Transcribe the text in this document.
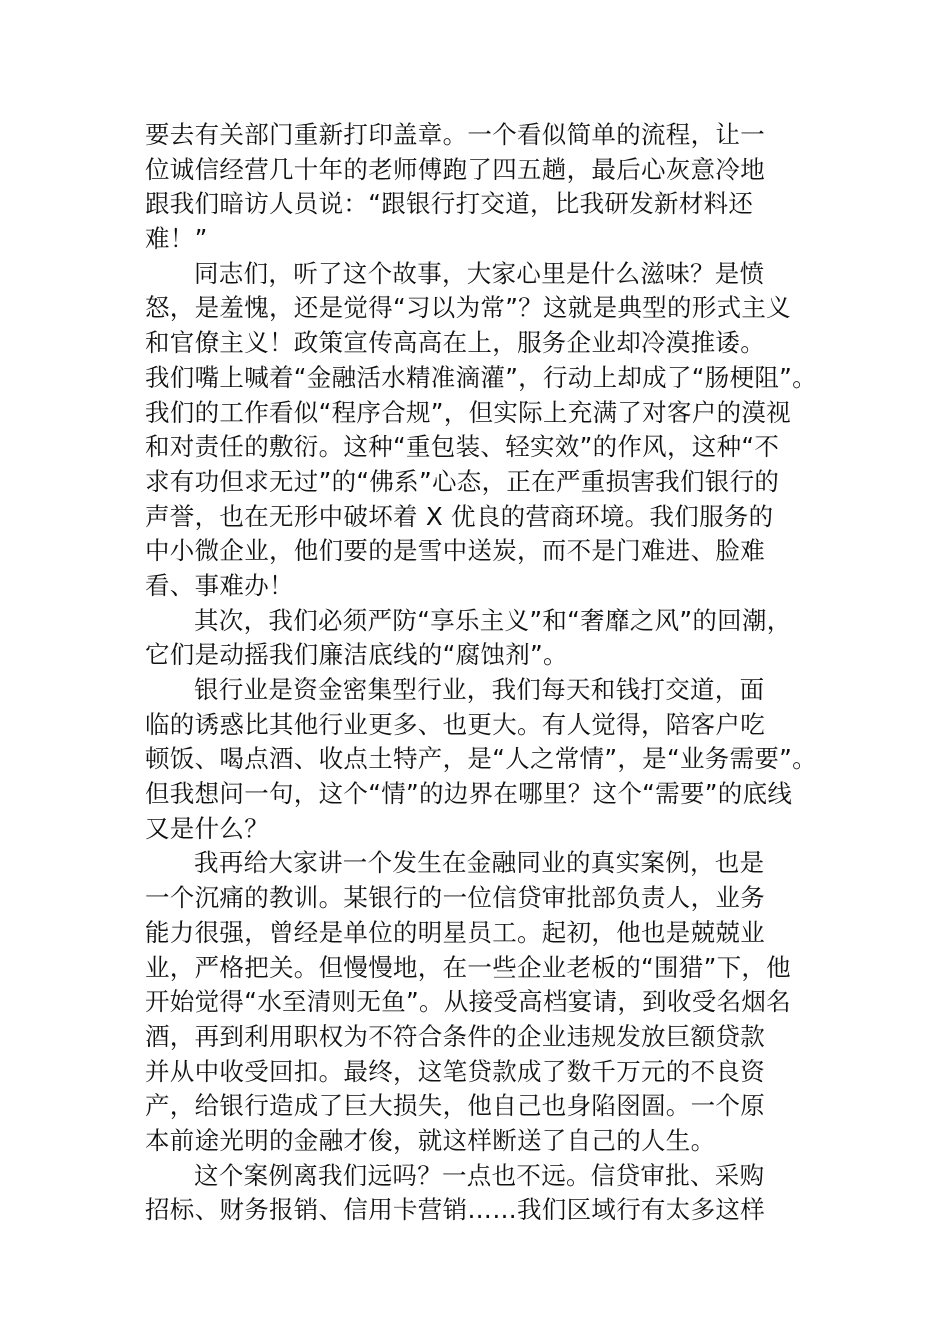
要去有关部门重新打印盖章。一个看似简单的流程，让一
位诚信经营几十年的老师傅跑了四五趟，最后心灰意冷地
跟我们暗访人员说：“跟银行打交道，比我研发新材料还
难！”
同志们，听了这个故事，大家心里是什么滋味？是愤
怒，是羞愧，还是觉得“习以为常”？这就是典型的形式主义
和官僚主义！政策宣传高高在上，服务企业却冷漠推诿。
我们嘴上喊着“金融活水精准滴灌”，行动上却成了“肠梗阻”。
我们的工作看似“程序合规”，但实际上充满了对客户的漠视
和对责任的敷衍。这种“重包装、轻实效”的作风，这种“不
求有功但求无过”的“佛系”心态，正在严重损害我们银行的
声誉，也在无形中破坏着 X 优良的营商环境。我们服务的
中小微企业，他们要的是雪中送炭，而不是门难进、脸难
看、事难办！
其次，我们必须严防“享乐主义”和“奢靡之风”的回潮，
它们是动摇我们廉洁底线的“腐蚀剂”。
银行业是资金密集型行业，我们每天和钱打交道，面
临的诱惑比其他行业更多、也更大。有人觉得，陪客户吃
顿饭、喝点酒、收点土特产，是“人之常情”，是“业务需要”。
但我想问一句，这个“情”的边界在哪里？这个“需要”的底线
又是什么？
我再给大家讲一个发生在金融同业的真实案例，也是
一个沉痛的教训。某银行的一位信贷审批部负责人，业务
能力很强，曾经是单位的明星员工。起初，他也是兢兢业
业，严格把关。但慢慢地，在一些企业老板的“围猎”下，他
开始觉得“水至清则无鱼”。从接受高档宴请，到收受名烟名
酒，再到利用职权为不符合条件的企业违规发放巨额贷款
并从中收受回扣。最终，这笔贷款成了数千万元的不良资
产，给银行造成了巨大损失，他自己也身陷囹圄。一个原
本前途光明的金融才俊，就这样断送了自己的人生。
这个案例离我们远吗？一点也不远。信贷审批、采购
招标、财务报销、信用卡营销……我们区域行有太多这样
